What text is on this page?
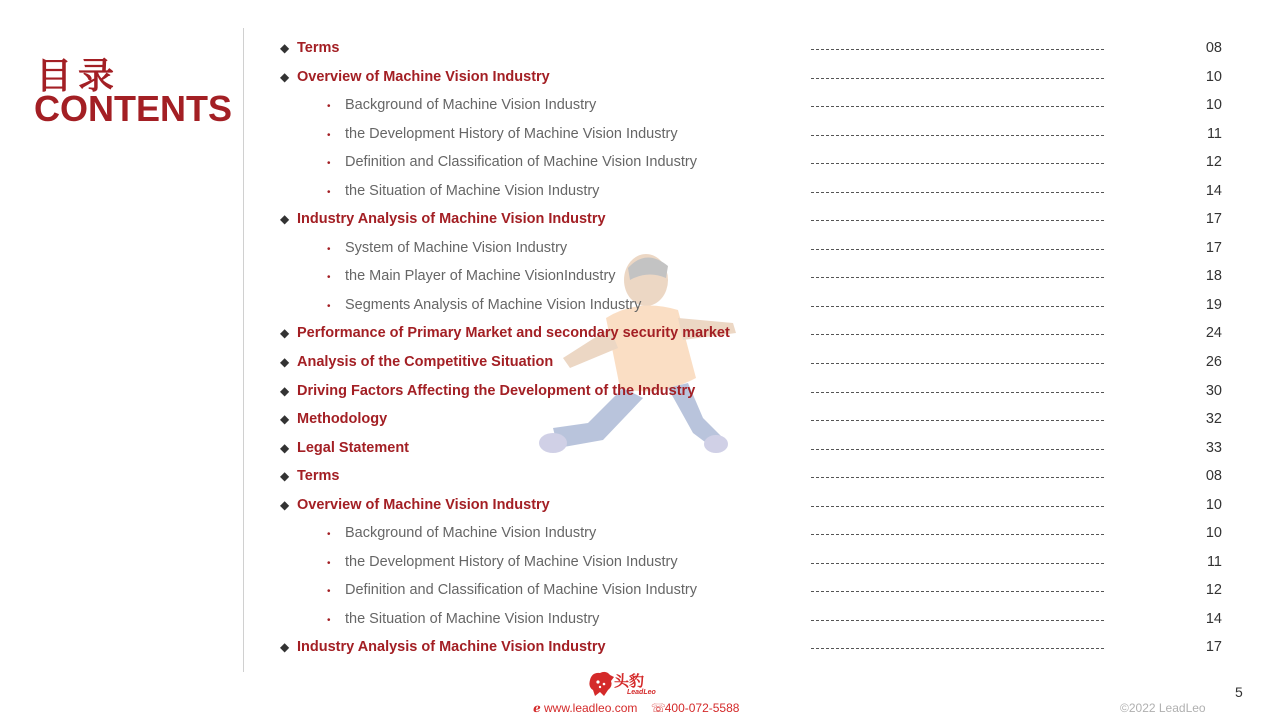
目录
CONTENTS
◆ Terms	08
◆ Overview of Machine Vision Industry	10
• Background of Machine Vision Industry	10
• the Development History of Machine Vision Industry	11
• Definition and Classification of Machine Vision Industry	12
• the Situation of Machine Vision Industry	14
◆ Industry Analysis of Machine Vision Industry	17
• System of Machine Vision Industry	17
• the Main Player of Machine VisionIndustry	18
• Segments Analysis of Machine Vision Industry	19
◆ Performance of Primary Market and secondary security market	24
◆ Analysis of the Competitive Situation	26
◆ Driving Factors Affecting the Development of the Industry	30
◆ Methodology	32
◆ Legal Statement	33
◆ Terms	08
◆ Overview of Machine Vision Industry	10
• Background of Machine Vision Industry	10
• the Development History of Machine Vision Industry	11
• Definition and Classification of Machine Vision Industry	12
• the Situation of Machine Vision Industry	14
◆ Industry Analysis of Machine Vision Industry	17
5
头豹
LeadLeo
ℯ www.leadleo.com ☏400-072-5588	©2022 LeadLeo
